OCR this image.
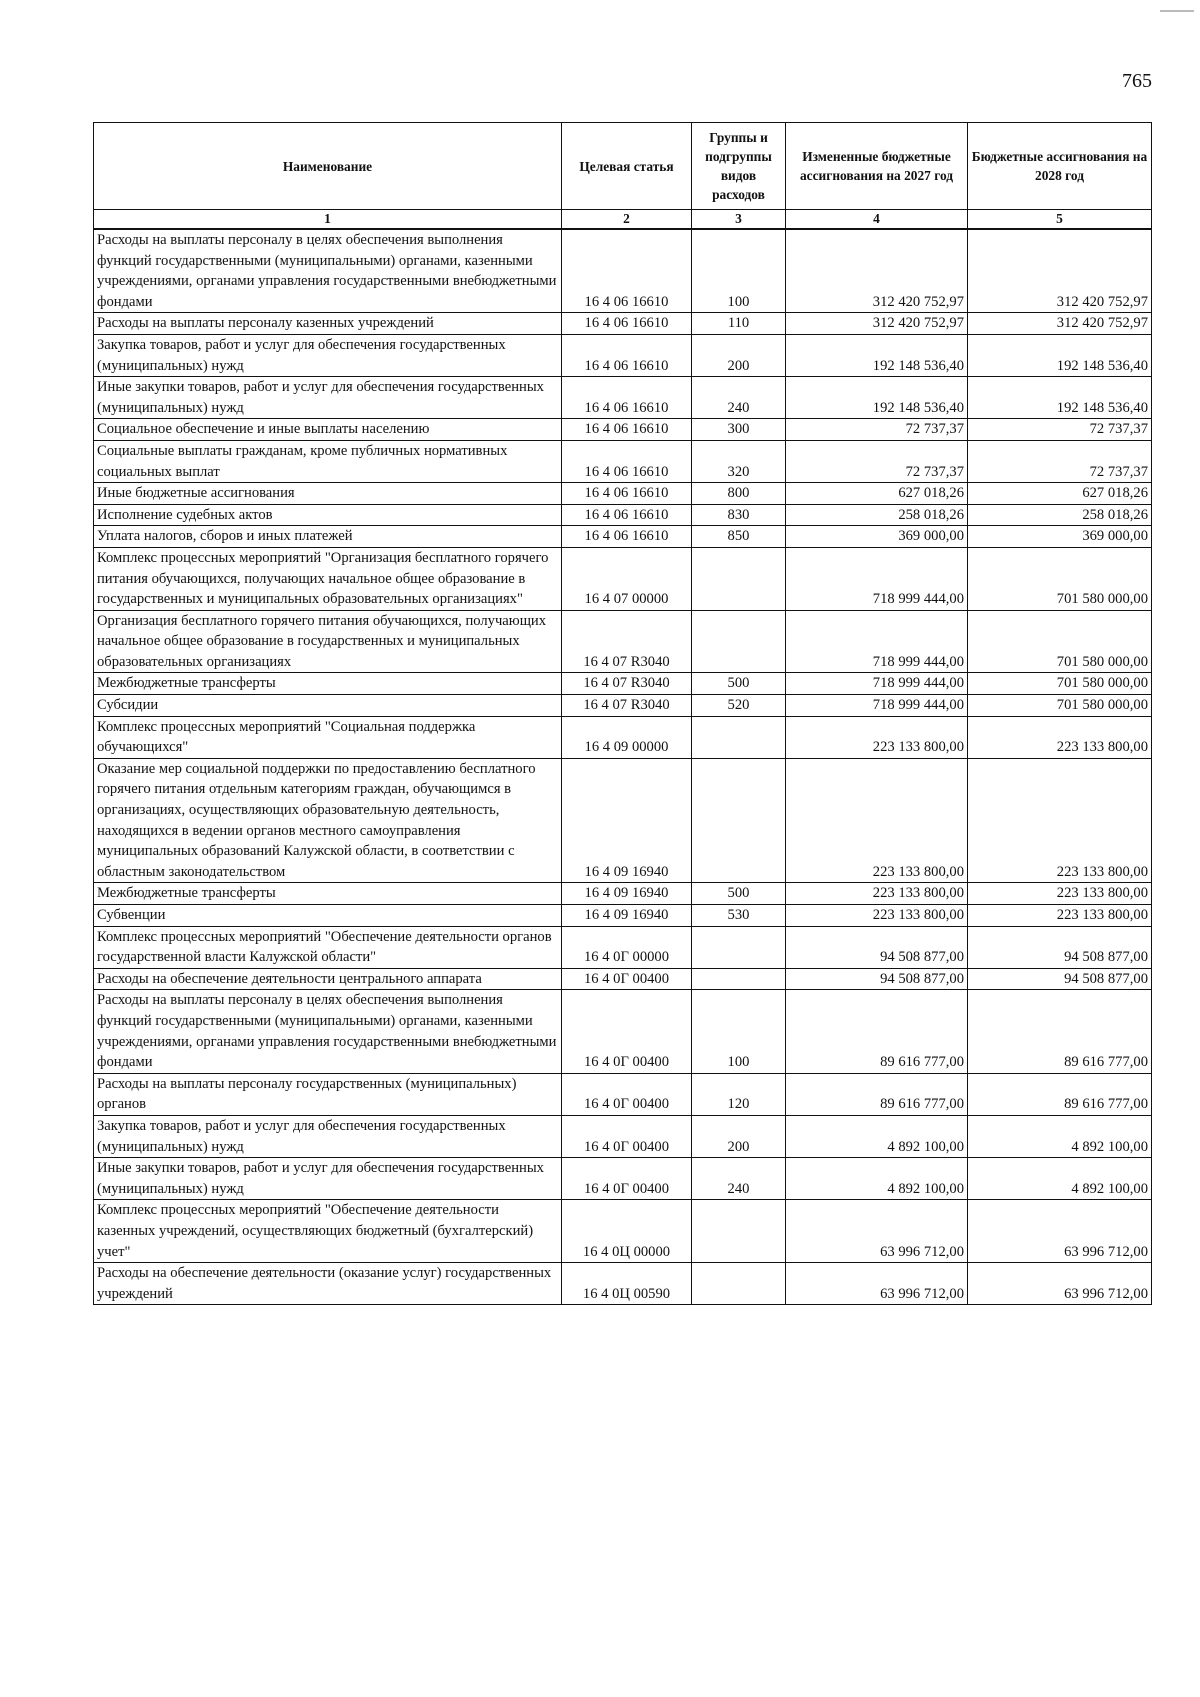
765
Наименование	Целевая статья	Группы и подгруппы видов расходов	Измененные бюджетные ассигнования на 2027 год	Бюджетные ассигнования на 2028 год
1	2	3	4	5
Расходы на выплаты персоналу в целях обеспечения выполнения функций государственными (муниципальными) органами, казенными учреждениями, органами управления государственными внебюджетными фондами	16 4 06 16610	100	312 420 752,97	312 420 752,97
Расходы на выплаты персоналу казенных учреждений	16 4 06 16610	110	312 420 752,97	312 420 752,97
Закупка товаров, работ и услуг для обеспечения государственных (муниципальных) нужд	16 4 06 16610	200	192 148 536,40	192 148 536,40
Иные закупки товаров, работ и услуг для обеспечения государственных (муниципальных) нужд	16 4 06 16610	240	192 148 536,40	192 148 536,40
Социальное обеспечение и иные выплаты населению	16 4 06 16610	300	72 737,37	72 737,37
Социальные выплаты гражданам, кроме публичных нормативных социальных выплат	16 4 06 16610	320	72 737,37	72 737,37
Иные бюджетные ассигнования	16 4 06 16610	800	627 018,26	627 018,26
Исполнение судебных актов	16 4 06 16610	830	258 018,26	258 018,26
Уплата налогов, сборов и иных платежей	16 4 06 16610	850	369 000,00	369 000,00
Комплекс процессных мероприятий "Организация бесплатного горячего питания обучающихся, получающих начальное общее образование в государственных и муниципальных образовательных организациях"	16 4 07 00000		718 999 444,00	701 580 000,00
Организация бесплатного горячего питания обучающихся, получающих начальное общее образование в государственных и муниципальных образовательных организациях	16 4 07 R3040		718 999 444,00	701 580 000,00
Межбюджетные трансферты	16 4 07 R3040	500	718 999 444,00	701 580 000,00
Субсидии	16 4 07 R3040	520	718 999 444,00	701 580 000,00
Комплекс процессных мероприятий "Социальная поддержка обучающихся"	16 4 09 00000		223 133 800,00	223 133 800,00
Оказание мер социальной поддержки по предоставлению бесплатного горячего питания отдельным категориям граждан, обучающимся в организациях, осуществляющих образовательную деятельность, находящихся в ведении органов местного самоуправления муниципальных образований Калужской области, в соответствии с областным законодательством	16 4 09 16940		223 133 800,00	223 133 800,00
Межбюджетные трансферты	16 4 09 16940	500	223 133 800,00	223 133 800,00
Субвенции	16 4 09 16940	530	223 133 800,00	223 133 800,00
Комплекс процессных мероприятий "Обеспечение деятельности органов государственной власти Калужской области"	16 4 0Г 00000		94 508 877,00	94 508 877,00
Расходы на обеспечение деятельности центрального аппарата	16 4 0Г 00400		94 508 877,00	94 508 877,00
Расходы на выплаты персоналу в целях обеспечения выполнения функций государственными (муниципальными) органами, казенными учреждениями, органами управления государственными внебюджетными фондами	16 4 0Г 00400	100	89 616 777,00	89 616 777,00
Расходы на выплаты персоналу государственных (муниципальных) органов	16 4 0Г 00400	120	89 616 777,00	89 616 777,00
Закупка товаров, работ и услуг для обеспечения государственных (муниципальных) нужд	16 4 0Г 00400	200	4 892 100,00	4 892 100,00
Иные закупки товаров, работ и услуг для обеспечения государственных (муниципальных) нужд	16 4 0Г 00400	240	4 892 100,00	4 892 100,00
Комплекс процессных мероприятий "Обеспечение деятельности казенных учреждений, осуществляющих бюджетный (бухгалтерский) учет"	16 4 0Ц 00000		63 996 712,00	63 996 712,00
Расходы на обеспечение деятельности (оказание услуг) государственных учреждений	16 4 0Ц 00590		63 996 712,00	63 996 712,00
